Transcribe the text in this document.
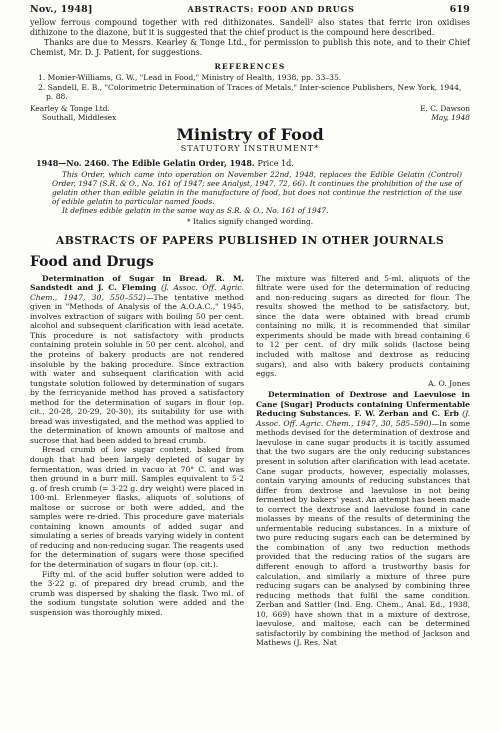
Nov., 1948]	ABSTRACTS: FOOD AND DRUGS	619

yellow ferrous compound together with red dithizonates. Sandell² also states that ferric iron oxidises dithizone to the diazone, but it is suggested that the chief product is the compound here described.

Thanks are due to Messrs. Kearley & Tonge Ltd., for permission to publish this note, and to their Chief Chemist, Mr. D. J. Patient, for suggestions.

REFERENCES

1. Monier-Williams, G. W., "Lead in Food," Ministry of Health, 1938, pp. 33–35.

2. Sandell, E. B., "Colorimetric Determination of Traces of Metals," Inter-science Publishers, New York, 1944, p. 88.

Kearley & Tonge Ltd.
Southall, Middlesex
E. C. Dawson
May, 1948
Ministry of Food
STATUTORY INSTRUMENT*
1948—No. 2460. The Edible Gelatin Order, 1948. Price 1d.

This Order, which came into operation on November 22nd, 1948, replaces the Edible Gelatin (Control) Order, 1947 (S.R. & O., No. 161 of 1947; see Analyst, 1947, 72, 66). It continues the prohibition of the use of gelatin other than edible gelatin in the manufacture of food, but does not continue the restriction of the use of edible gelatin to particular named foods.

It defines edible gelatin in the same way as S.R. & O., No. 161 of 1947.

* Italics signify changed wording.
ABSTRACTS OF PAPERS PUBLISHED IN OTHER JOURNALS
Food and Drugs

Determination of Sugar in Bread. R. M. Sandstedt and J. C. Fleming (J. Assoc. Off. Agric. Chem., 1947, 30, 550–552)—The tentative method given in "Methods of Analysis of the A.O.A.C.," 1945, involves extraction of sugars with boiling 50 per cent. alcohol and subsequent clarification with lead acetate. This procedure is not satisfactory with products containing protein soluble in 50 per cent. alcohol, and the proteins of bakery products are not rendered insoluble by the baking procedure. Since extraction with water and subsequent clarification with acid tungstate solution followed by determination of sugars by the ferricyanide method has proved a satisfactory method for the determination of sugars in flour (op. cit., 20-28, 20-29, 20-30), its suitability for use with bread was investigated, and the method was applied to the determination of known amounts of maltose and sucrose that had been added to bread crumb.

Bread crumb of low sugar content, baked from dough that had been largely depleted of sugar by fermentation, was dried in vacuo at 70° C. and was then ground in a burr mill. Samples equivalent to 5·2 g. of fresh crumb (= 3·22 g. dry weight) were placed in 100-ml. Erlenmeyer flasks, aliquots of solutions of maltose or sucrose or both were added, and the samples were re-dried. This procedure gave materials containing known amounts of added sugar and simulating a series of breads varying widely in content of reducing and non-reducing sugar. The reagents used for the determination of sugars were those specified for the determination of sugars in flour (op. cit.).

Fifty ml. of the acid buffer solution were added to the 3·22 g. of prepared dry bread crumb, and the crumb was dispersed by shaking the flask. Two ml. of the sodium tungstate solution were added and the suspension was thoroughly mixed.

The mixture was filtered and 5-ml. aliquots of the filtrate were used for the determination of reducing and non-reducing sugars as directed for flour. The results showed the method to be satisfactory, but, since the data were obtained with bread crumb containing no milk, it is recommended that similar experiments should be made with bread containing 6 to 12 per cent. of dry milk solids (lactose being included with maltose and dextrose as reducing sugars), and also with bakery products containing eggs.

A. O. Jones

Determination of Dextrose and Laevulose in Cane [Sugar] Products containing Unfermentable Reducing Substances. F. W. Zerban and C. Erb (J. Assoc. Off. Agric. Chem., 1947, 30, 585–590)—In some methods devised for the determination of dextrose and laevulose in cane sugar products it is tacitly assumed that the two sugars are the only reducing substances present in solution after clarification with lead acetate. Cane sugar products, however, especially molasses, contain varying amounts of reducing substances that differ from dextrose and laevulose in not being fermented by bakers' yeast. An attempt has been made to correct the dextrose and laevulose found in cane molasses by means of the results of determining the unfermentable reducing substances. In a mixture of two pure reducing sugars each can be determined by the combination of any two reduction methods provided that the reducing ratios of the sugars are different enough to afford a trustworthy basis for calculation, and similarly a mixture of three pure reducing sugars can be analysed by combining three reducing methods that fulfil the same condition. Zerban and Sattler (Ind. Eng. Chem., Anal. Ed., 1938, 10, 669) have shown that in a mixture of dextrose, laevulose, and maltose, each can be determined satisfactorily by combining the method of Jackson and Mathews (J. Res. Nat
